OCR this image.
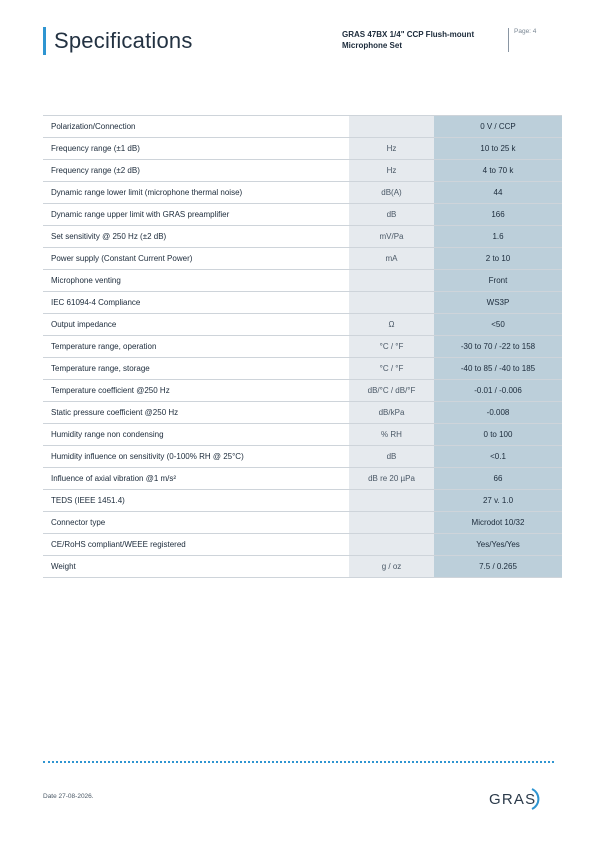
Specifications	GRAS 47BX 1/4" CCP Flush-mount Microphone Set
Page: 4
Polarization/Connection		0 V / CCP
Frequency range (±1 dB)	Hz	10 to 25 k
Frequency range (±2 dB)	Hz	4 to 70 k
Dynamic range lower limit (microphone thermal noise)	dB(A)	44
Dynamic range upper limit with GRAS preamplifier	dB	166
Set sensitivity @ 250 Hz (±2 dB)	mV/Pa	1.6
Power supply (Constant Current Power)	mA	2 to 10
Microphone venting		Front
IEC 61094-4 Compliance		WS3P
Output impedance	Ω	<50
Temperature range, operation	°C / °F	-30 to 70 / -22 to 158
Temperature range, storage	°C / °F	-40 to 85 / -40 to 185
Temperature coefficient @250 Hz	dB/°C / dB/°F	-0.01 / -0.006
Static pressure coefficient @250 Hz	dB/kPa	-0.008
Humidity range non condensing	% RH	0 to 100
Humidity influence on sensitivity (0-100% RH @ 25°C)	dB	<0.1
Influence of axial vibration @1 m/s²	dB re 20 µPa	66
TEDS (IEEE 1451.4)		27 v. 1.0
Connector type		Microdot 10/32
CE/RoHS compliant/WEEE registered		Yes/Yes/Yes
Weight	g / oz	7.5 / 0.265
Date 27-08-2026.	GRAS
